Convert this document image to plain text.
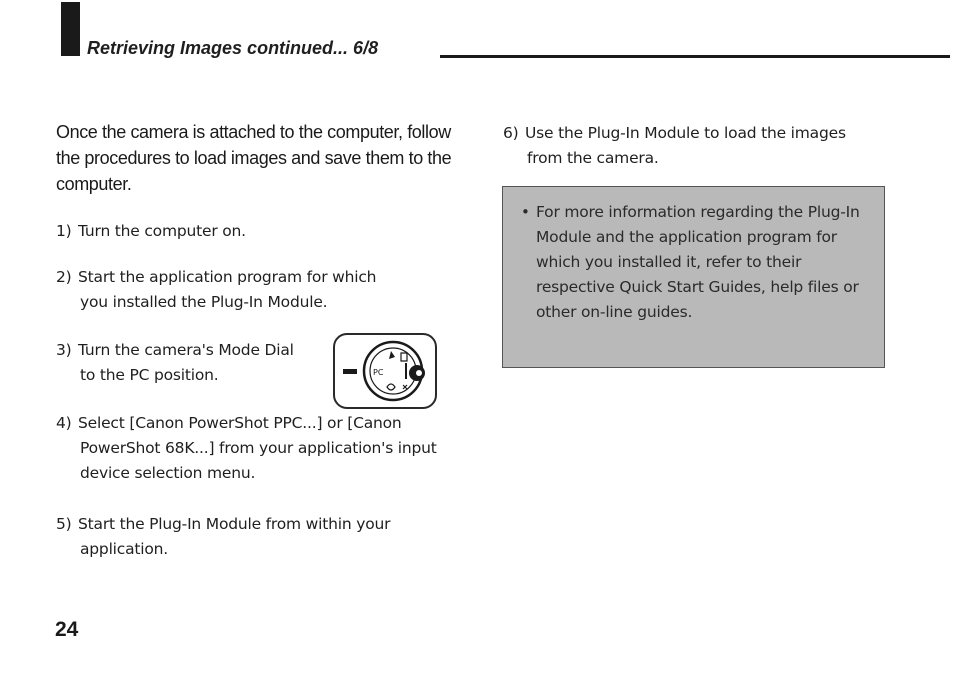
Retrieving Images continued... 6/8
Once the camera is attached to the computer, follow the procedures to load images and save them to the computer.
1) Turn the computer on.
2) Start the application program for which
you installed the Plug-In Module.
3) Turn the camera's Mode Dial
to the PC position.	PC
4) Select [Canon PowerShot PPC...] or [Canon
PowerShot 68K...] from your application's input device selection menu.
5) Start the Plug-In Module from within your
application.
6) Use the Plug-In Module to load the images
from the camera.
• For more information regarding the Plug-In Module and the application program for which you installed it, refer to their respective Quick Start Guides, help files or other on-line guides.
24
